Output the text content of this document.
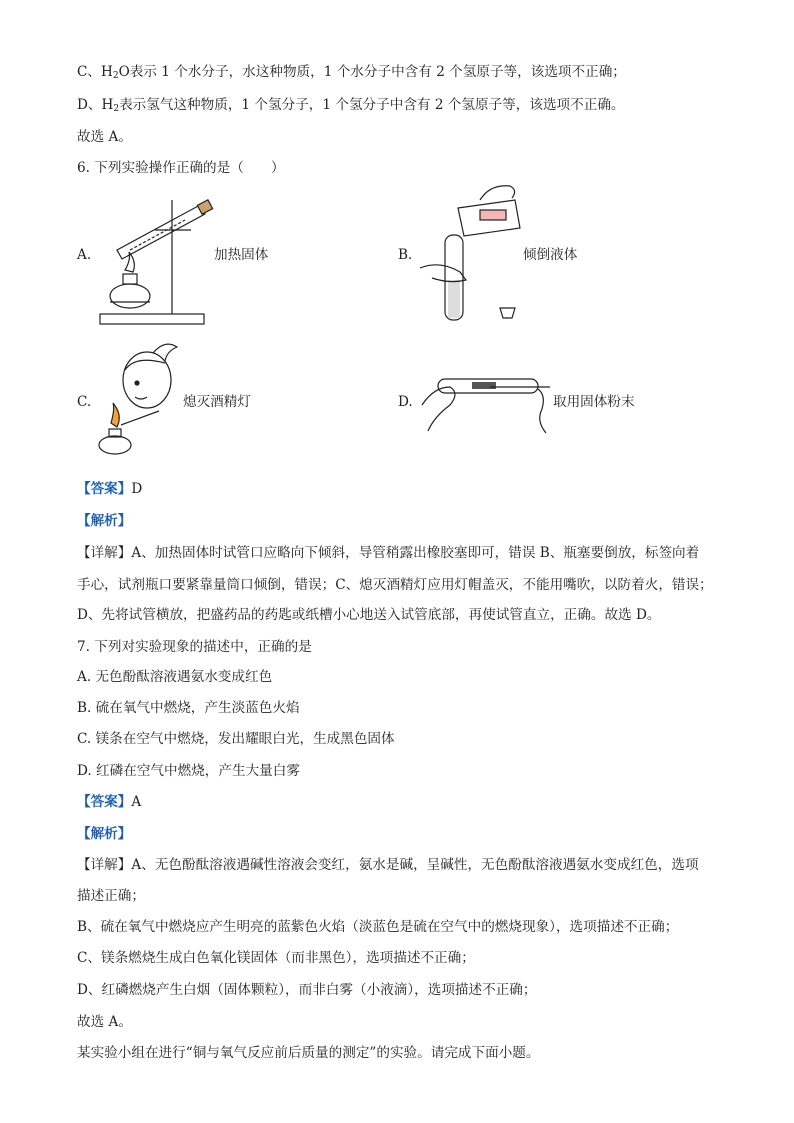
C、$H_2O$表示 1 个水分子，水这种物质，1 个水分子中含有 2 个氢原子等，该选项不正确；
D、$H_2$表示氢气这种物质，1 个氢分子，1 个氢分子中含有 2 个氢原子等，该选项不正确。
故选 A。
6. 下列实验操作正确的是（　　）
A.	加热固体	B.	倾倒液体
C.	熄灭酒精灯	D.	取用固体粉末
【答案】D
【解析】
【详解】A、加热固体时试管口应略向下倾斜，导管稍露出橡胶塞即可，错误 B、瓶塞要倒放，标签向着
手心，试剂瓶口要紧靠量筒口倾倒，错误；C、熄灭酒精灯应用灯帽盖灭，不能用嘴吹，以防着火，错误；
D、先将试管横放，把盛药品的药匙或纸槽小心地送入试管底部，再使试管直立，正确。故选 D。
7. 下列对实验现象的描述中，正确的是
A. 无色酚酞溶液遇氨水变成红色
B. 硫在氧气中燃烧，产生淡蓝色火焰
C. 镁条在空气中燃烧，发出耀眼白光，生成黑色固体
D. 红磷在空气中燃烧，产生大量白雾
【答案】A
【解析】
【详解】A、无色酚酞溶液遇碱性溶液会变红，氨水是碱，呈碱性，无色酚酞溶液遇氨水变成红色，选项
描述正确；
B、硫在氧气中燃烧应产生明亮的蓝紫色火焰（淡蓝色是硫在空气中的燃烧现象），选项描述不正确；
C、镁条燃烧生成白色氧化镁固体（而非黑色），选项描述不正确；
D、红磷燃烧产生白烟（固体颗粒），而非白雾（小液滴），选项描述不正确；
故选 A。
某实验小组在进行“铜与氧气反应前后质量的测定”的实验。请完成下面小题。
